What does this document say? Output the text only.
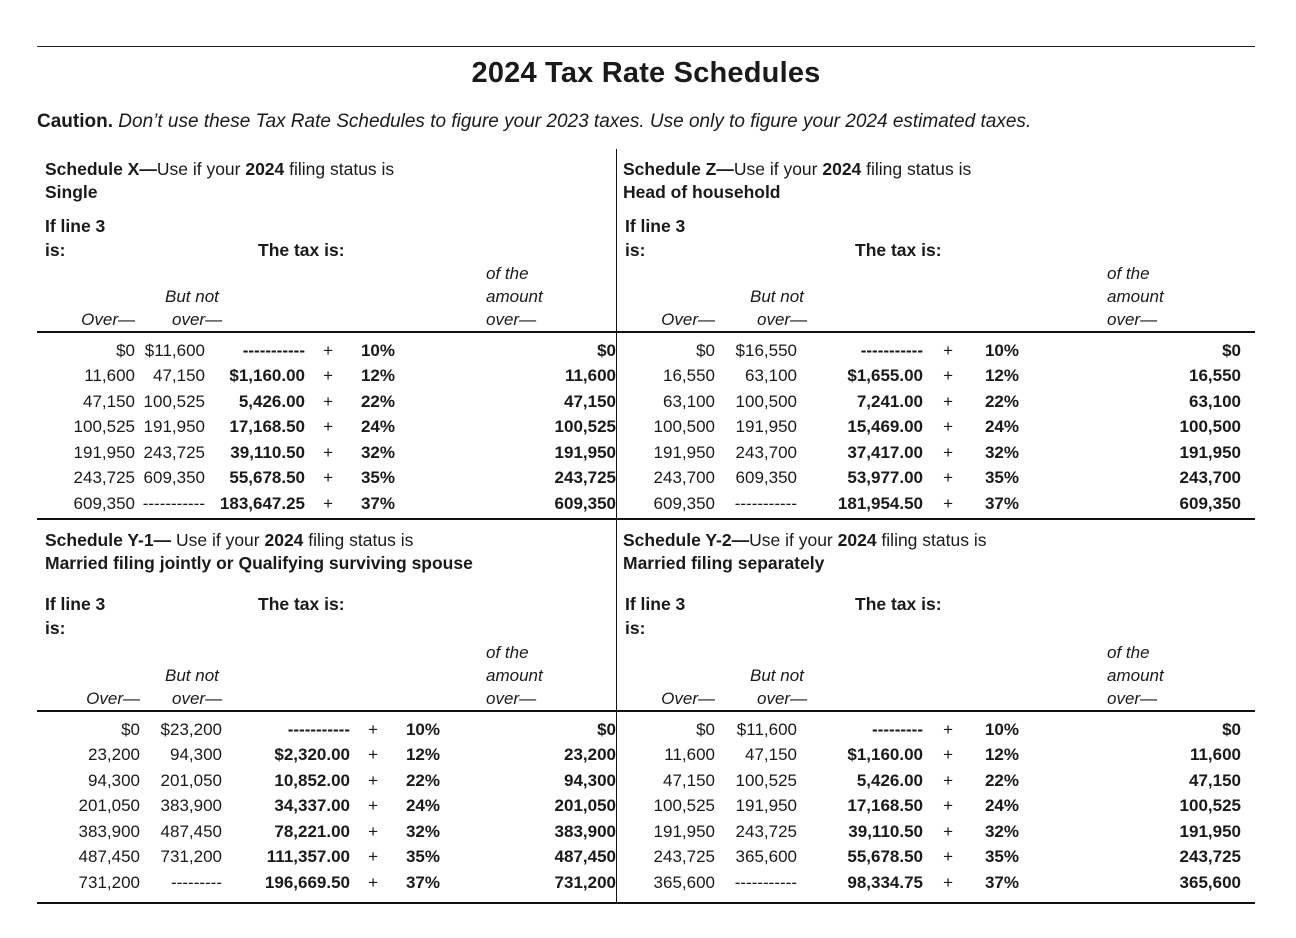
2024 Tax Rate Schedules

Caution. Don’t use these Tax Rate Schedules to figure your 2023 taxes. Use only to figure your 2024 estimated taxes.

Schedule X—Use if your 2024 filing status is
Single
If line 3
is:	The tax is:
of the
amount
over—
But not
over—
Over—
$0	$11,600	-----------	+	10%	$0
11,600	47,150	$1,160.00	+	12%	11,600
47,150	100,525	5,426.00	+	22%	47,150
100,525	191,950	17,168.50	+	24%	100,525
191,950	243,725	39,110.50	+	32%	191,950
243,725	609,350	55,678.50	+	35%	243,725
609,350	-----------	183,647.25	+	37%	609,350
Schedule Z—Use if your 2024 filing status is
Head of household
If line 3
is:	The tax is:
of the
amount
over—
But not
over—
Over—
$0	$16,550	-----------	+	10%	$0
16,550	63,100	$1,655.00	+	12%	16,550
63,100	100,500	7,241.00	+	22%	63,100
100,500	191,950	15,469.00	+	24%	100,500
191,950	243,700	37,417.00	+	32%	191,950
243,700	609,350	53,977.00	+	35%	243,700
609,350	-----------	181,954.50	+	37%	609,350
Schedule Y-1— Use if your 2024 filing status is
Married filing jointly or Qualifying surviving spouse
If line 3
is:
The tax is:
of the
amount
over—
But not
over—
Over—
$0	$23,200	-----------	+	10%	$0
23,200	94,300	$2,320.00	+	12%	23,200
94,300	201,050	10,852.00	+	22%	94,300
201,050	383,900	34,337.00	+	24%	201,050
383,900	487,450	78,221.00	+	32%	383,900
487,450	731,200	111,357.00	+	35%	487,450
731,200	---------	196,669.50	+	37%	731,200
Schedule Y-2—Use if your 2024 filing status is
Married filing separately
If line 3
is:
The tax is:
of the
amount
over—
But not
over—
Over—
$0	$11,600	---------	+	10%	$0
11,600	47,150	$1,160.00	+	12%	11,600
47,150	100,525	5,426.00	+	22%	47,150
100,525	191,950	17,168.50	+	24%	100,525
191,950	243,725	39,110.50	+	32%	191,950
243,725	365,600	55,678.50	+	35%	243,725
365,600	-----------	98,334.75	+	37%	365,600
